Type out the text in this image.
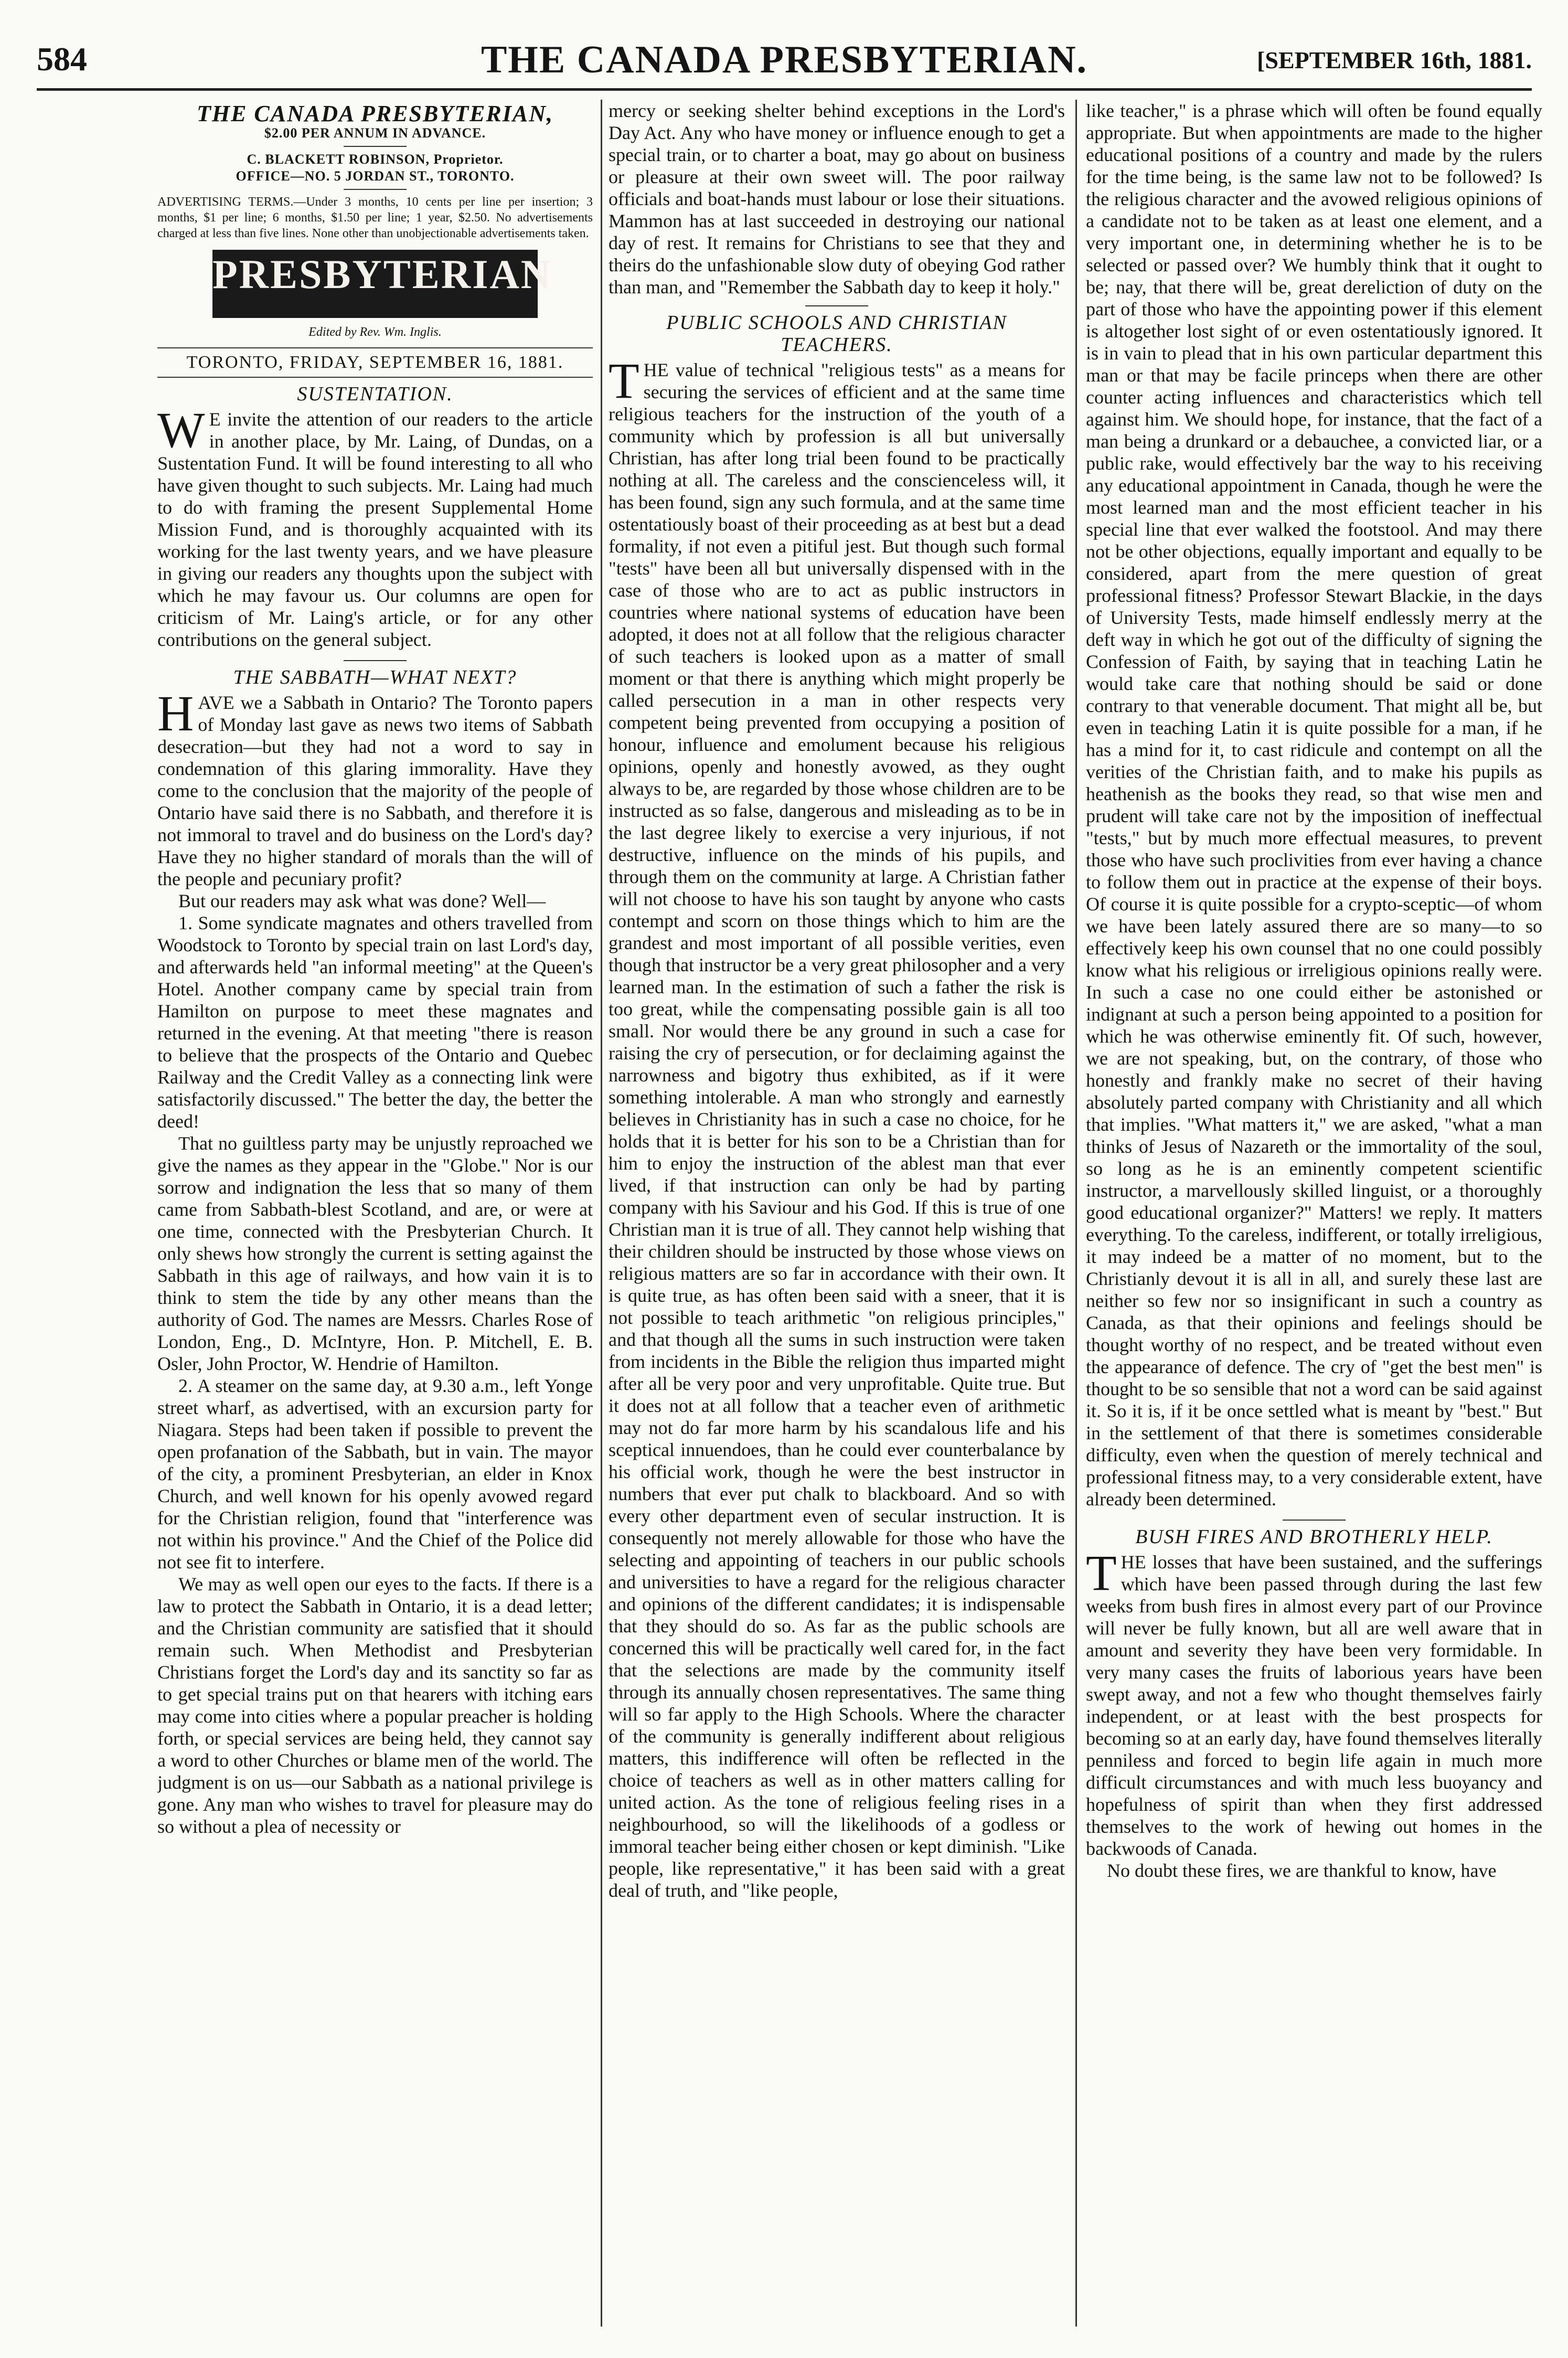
584	THE CANADA PRESBYTERIAN.	[SEPTEMBER 16th, 1881.
THE CANADA PRESBYTERIAN,
$2.00 PER ANNUM IN ADVANCE.
C. BLACKETT ROBINSON, Proprietor.
OFFICE—NO. 5 JORDAN ST., TORONTO.

ADVERTISING TERMS.—Under 3 months, 10 cents per line per insertion; 3 months, $1 per line; 6 months, $1.50 per line; 1 year, $2.50. No advertisements charged at less than five lines. None other than unobjectionable advertisements taken.

PRESBYTERIAN
Edited by Rev. Wm. Inglis.
TORONTO, FRIDAY, SEPTEMBER 16, 1881.
SUSTENTATION.

W E invite the attention of our readers to the article in another place, by Mr. Laing, of Dundas, on a Sustentation Fund. It will be found interesting to all who have given thought to such subjects. Mr. Laing had much to do with framing the present Supplemental Home Mission Fund, and is thoroughly acquainted with its working for the last twenty years, and we have pleasure in giving our readers any thoughts upon the subject with which he may favour us. Our columns are open for criticism of Mr. Laing's article, or for any other contributions on the general subject.

THE SABBATH—WHAT NEXT?

HAVE we a Sabbath in Ontario? The Toronto papers of Monday last gave as news two items of Sabbath desecration—but they had not a word to say in condemnation of this glaring immorality. Have they come to the conclusion that the majority of the people of Ontario have said there is no Sabbath, and therefore it is not immoral to travel and do business on the Lord's day? Have they no higher standard of morals than the will of the people and pecuniary profit?

But our readers may ask what was done? Well—

1. Some syndicate magnates and others travelled from Woodstock to Toronto by special train on last Lord's day, and afterwards held "an informal meeting" at the Queen's Hotel. Another company came by special train from Hamilton on purpose to meet these magnates and returned in the evening. At that meeting "there is reason to believe that the prospects of the Ontario and Quebec Railway and the Credit Valley as a connecting link were satisfactorily discussed." The better the day, the better the deed!

That no guiltless party may be unjustly reproached we give the names as they appear in the "Globe." Nor is our sorrow and indignation the less that so many of them came from Sabbath-blest Scotland, and are, or were at one time, connected with the Presbyterian Church. It only shews how strongly the current is setting against the Sabbath in this age of railways, and how vain it is to think to stem the tide by any other means than the authority of God. The names are Messrs. Charles Rose of London, Eng., D. McIntyre, Hon. P. Mitchell, E. B. Osler, John Proctor, W. Hendrie of Hamilton.

2. A steamer on the same day, at 9.30 a.m., left Yonge street wharf, as advertised, with an excursion party for Niagara. Steps had been taken if possible to prevent the open profanation of the Sabbath, but in vain. The mayor of the city, a prominent Presbyterian, an elder in Knox Church, and well known for his openly avowed regard for the Christian religion, found that "interference was not within his province." And the Chief of the Police did not see fit to interfere.

We may as well open our eyes to the facts. If there is a law to protect the Sabbath in Ontario, it is a dead letter; and the Christian community are satisfied that it should remain such. When Methodist and Presbyterian Christians forget the Lord's day and its sanctity so far as to get special trains put on that hearers with itching ears may come into cities where a popular preacher is holding forth, or special services are being held, they cannot say a word to other Churches or blame men of the world. The judgment is on us—our Sabbath as a national privilege is gone. Any man who wishes to travel for pleasure may do so without a plea of necessity or

mercy or seeking shelter behind exceptions in the Lord's Day Act. Any who have money or influence enough to get a special train, or to charter a boat, may go about on business or pleasure at their own sweet will. The poor railway officials and boat-hands must labour or lose their situations. Mammon has at last succeeded in destroying our national day of rest. It remains for Christians to see that they and theirs do the unfashionable slow duty of obeying God rather than man, and "Remember the Sabbath day to keep it holy."

PUBLIC SCHOOLS AND CHRISTIAN TEACHERS.

THE value of technical "religious tests" as a means for securing the services of efficient and at the same time religious teachers for the instruction of the youth of a community which by profession is all but universally Christian, has after long trial been found to be practically nothing at all. The careless and the conscienceless will, it has been found, sign any such formula, and at the same time ostentatiously boast of their proceeding as at best but a dead formality, if not even a pitiful jest. But though such formal "tests" have been all but universally dispensed with in the case of those who are to act as public instructors in countries where national systems of education have been adopted, it does not at all follow that the religious character of such teachers is looked upon as a matter of small moment or that there is anything which might properly be called persecution in a man in other respects very competent being prevented from occupying a position of honour, influence and emolument because his religious opinions, openly and honestly avowed, as they ought always to be, are regarded by those whose children are to be instructed as so false, dangerous and misleading as to be in the last degree likely to exercise a very injurious, if not destructive, influence on the minds of his pupils, and through them on the community at large. A Christian father will not choose to have his son taught by anyone who casts contempt and scorn on those things which to him are the grandest and most important of all possible verities, even though that instructor be a very great philosopher and a very learned man. In the estimation of such a father the risk is too great, while the compensating possible gain is all too small. Nor would there be any ground in such a case for raising the cry of persecution, or for declaiming against the narrowness and bigotry thus exhibited, as if it were something intolerable. A man who strongly and earnestly believes in Christianity has in such a case no choice, for he holds that it is better for his son to be a Christian than for him to enjoy the instruction of the ablest man that ever lived, if that instruction can only be had by parting company with his Saviour and his God. If this is true of one Christian man it is true of all. They cannot help wishing that their children should be instructed by those whose views on religious matters are so far in accordance with their own. It is quite true, as has often been said with a sneer, that it is not possible to teach arithmetic "on religious principles," and that though all the sums in such instruction were taken from incidents in the Bible the religion thus imparted might after all be very poor and very unprofitable. Quite true. But it does not at all follow that a teacher even of arithmetic may not do far more harm by his scandalous life and his sceptical innuendoes, than he could ever counterbalance by his official work, though he were the best instructor in numbers that ever put chalk to blackboard. And so with every other department even of secular instruction. It is consequently not merely allowable for those who have the selecting and appointing of teachers in our public schools and universities to have a regard for the religious character and opinions of the different candidates; it is indispensable that they should do so. As far as the public schools are concerned this will be practically well cared for, in the fact that the selections are made by the community itself through its annually chosen representatives. The same thing will so far apply to the High Schools. Where the character of the community is generally indifferent about religious matters, this indifference will often be reflected in the choice of teachers as well as in other matters calling for united action. As the tone of religious feeling rises in a neighbourhood, so will the likelihoods of a godless or immoral teacher being either chosen or kept diminish. "Like people, like representative," it has been said with a great deal of truth, and "like people,

like teacher," is a phrase which will often be found equally appropriate. But when appointments are made to the higher educational positions of a country and made by the rulers for the time being, is the same law not to be followed? Is the religious character and the avowed religious opinions of a candidate not to be taken as at least one element, and a very important one, in determining whether he is to be selected or passed over? We humbly think that it ought to be; nay, that there will be, great dereliction of duty on the part of those who have the appointing power if this element is altogether lost sight of or even ostentatiously ignored. It is in vain to plead that in his own particular department this man or that may be facile princeps when there are other counter acting influences and characteristics which tell against him. We should hope, for instance, that the fact of a man being a drunkard or a debauchee, a convicted liar, or a public rake, would effectively bar the way to his receiving any educational appointment in Canada, though he were the most learned man and the most efficient teacher in his special line that ever walked the footstool. And may there not be other objections, equally important and equally to be considered, apart from the mere question of great professional fitness? Professor Stewart Blackie, in the days of University Tests, made himself endlessly merry at the deft way in which he got out of the difficulty of signing the Confession of Faith, by saying that in teaching Latin he would take care that nothing should be said or done contrary to that venerable document. That might all be, but even in teaching Latin it is quite possible for a man, if he has a mind for it, to cast ridicule and contempt on all the verities of the Christian faith, and to make his pupils as heathenish as the books they read, so that wise men and prudent will take care not by the imposition of ineffectual "tests," but by much more effectual measures, to prevent those who have such proclivities from ever having a chance to follow them out in practice at the expense of their boys. Of course it is quite possible for a crypto-sceptic—of whom we have been lately assured there are so many—to so effectively keep his own counsel that no one could possibly know what his religious or irreligious opinions really were. In such a case no one could either be astonished or indignant at such a person being appointed to a position for which he was otherwise eminently fit. Of such, however, we are not speaking, but, on the contrary, of those who honestly and frankly make no secret of their having absolutely parted company with Christianity and all which that implies. "What matters it," we are asked, "what a man thinks of Jesus of Nazareth or the immortality of the soul, so long as he is an eminently competent scientific instructor, a marvellously skilled linguist, or a thoroughly good educational organizer?" Matters! we reply. It matters everything. To the careless, indifferent, or totally irreligious, it may indeed be a matter of no moment, but to the Christianly devout it is all in all, and surely these last are neither so few nor so insignificant in such a country as Canada, as that their opinions and feelings should be thought worthy of no respect, and be treated without even the appearance of defence. The cry of "get the best men" is thought to be so sensible that not a word can be said against it. So it is, if it be once settled what is meant by "best." But in the settlement of that there is sometimes considerable difficulty, even when the question of merely technical and professional fitness may, to a very considerable extent, have already been determined.

BUSH FIRES AND BROTHERLY HELP.

THE losses that have been sustained, and the sufferings which have been passed through during the last few weeks from bush fires in almost every part of our Province will never be fully known, but all are well aware that in amount and severity they have been very formidable. In very many cases the fruits of laborious years have been swept away, and not a few who thought themselves fairly independent, or at least with the best prospects for becoming so at an early day, have found themselves literally penniless and forced to begin life again in much more difficult circumstances and with much less buoyancy and hopefulness of spirit than when they first addressed themselves to the work of hewing out homes in the backwoods of Canada.

No doubt these fires, we are thankful to know, have
